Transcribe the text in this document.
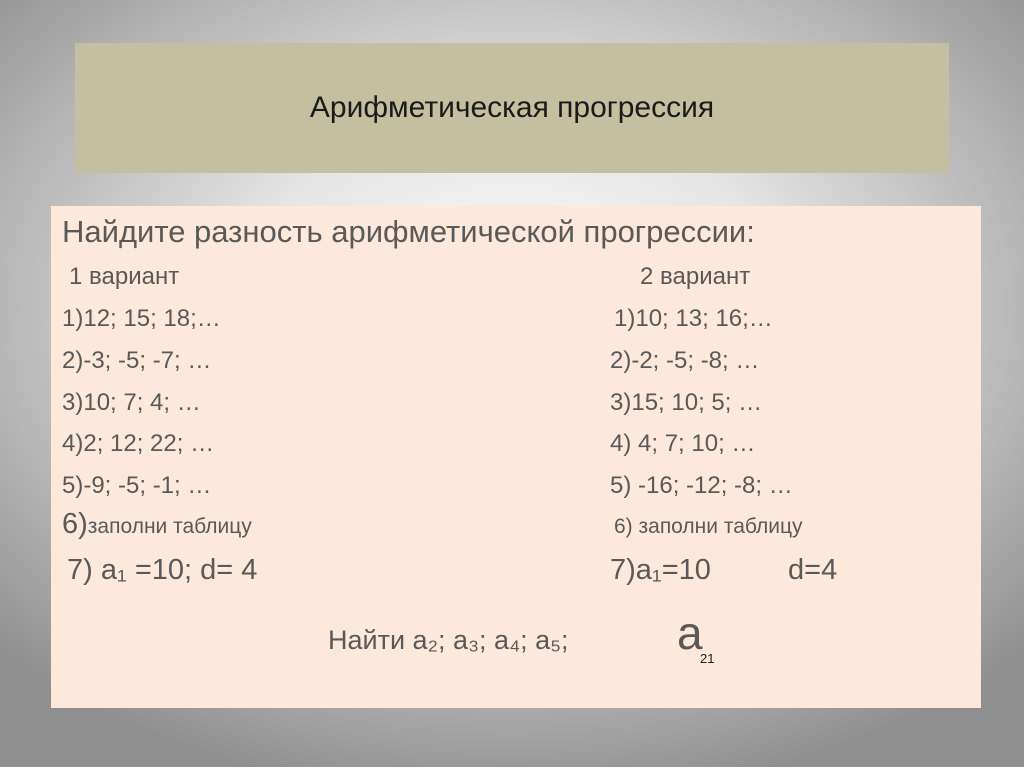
Арифметическая прогрессия
Найдите разность арифметической прогрессии:
1 вариант	2 вариант
1)12; 15; 18;…	1)10; 13; 16;…
2)-3; -5; -7; …	2)-2; -5; -8; …
3)10; 7; 4; …	3)15; 10; 5; …
4)2; 12; 22; …	4) 4; 7; 10; …
5)-9; -5; -1; …	5) -16; -12; -8; …
6)заполни таблицу	6) заполни таблицу
7) a₁ =10; d= 4	7)a₁=10	d=4
Найти a₂; a₃; a₄; a₅; a
21
